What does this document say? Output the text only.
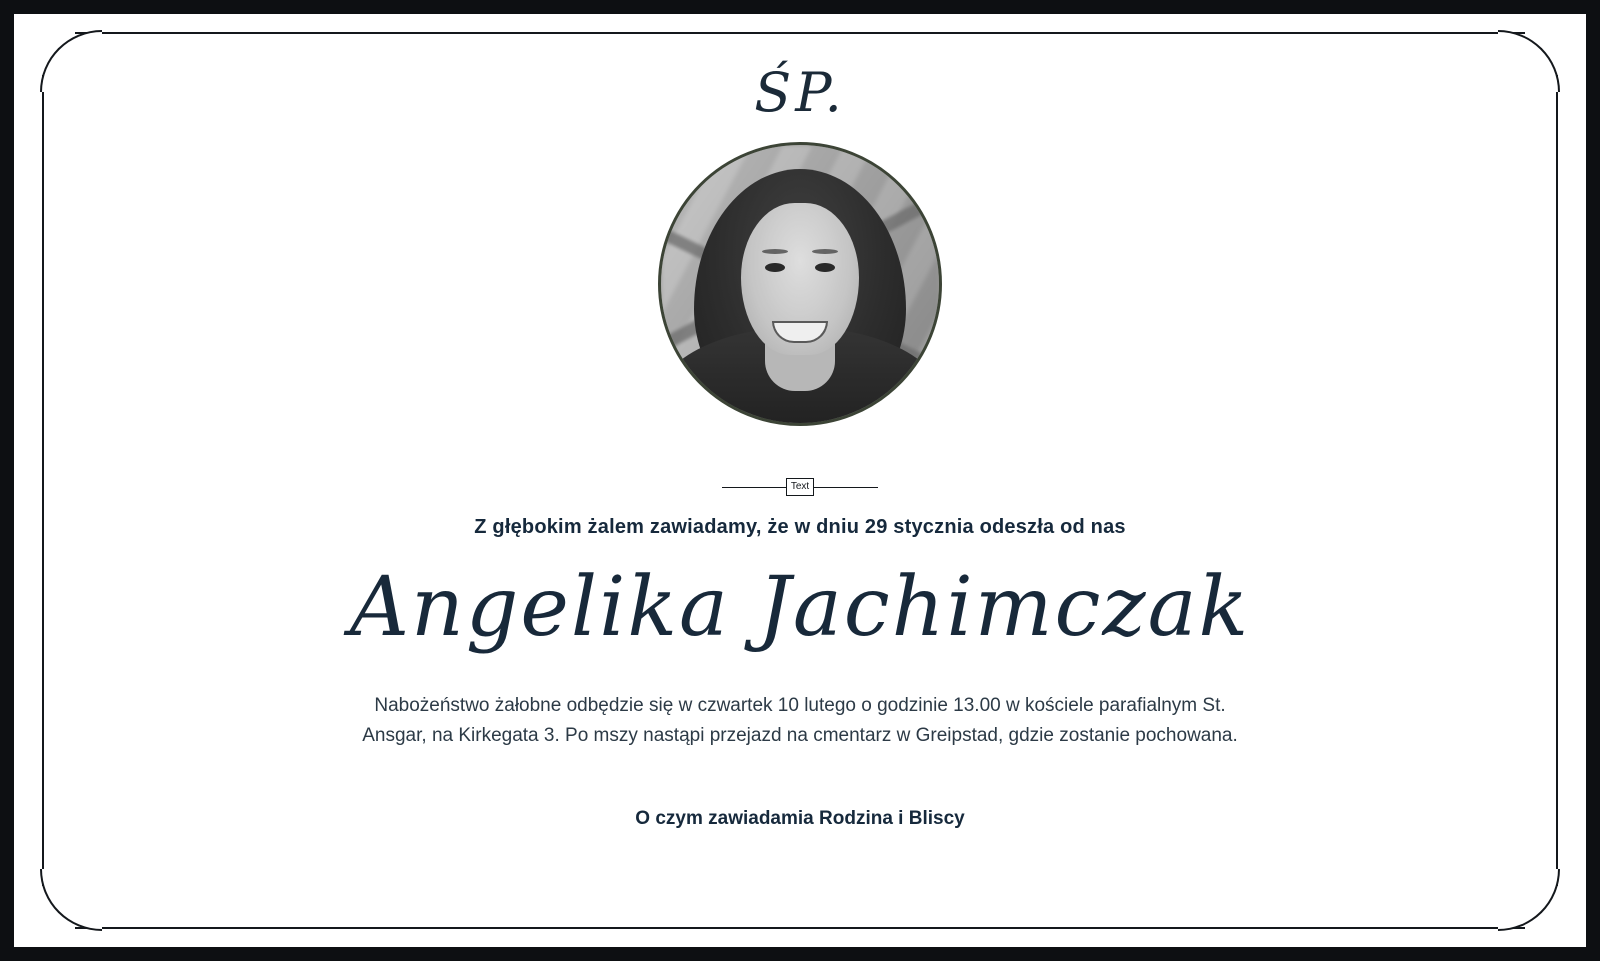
ŚP.
Text
Z głębokim żalem zawiadamy, że w dniu 29 stycznia odeszła od nas
Angelika Jachimczak
Nabożeństwo żałobne odbędzie się w czwartek 10 lutego o godzinie 13.00 w kościele parafialnym St. Ansgar, na Kirkegata 3. Po mszy nastąpi przejazd na cmentarz w Greipstad, gdzie zostanie pochowana.
O czym zawiadamia Rodzina i Bliscy
